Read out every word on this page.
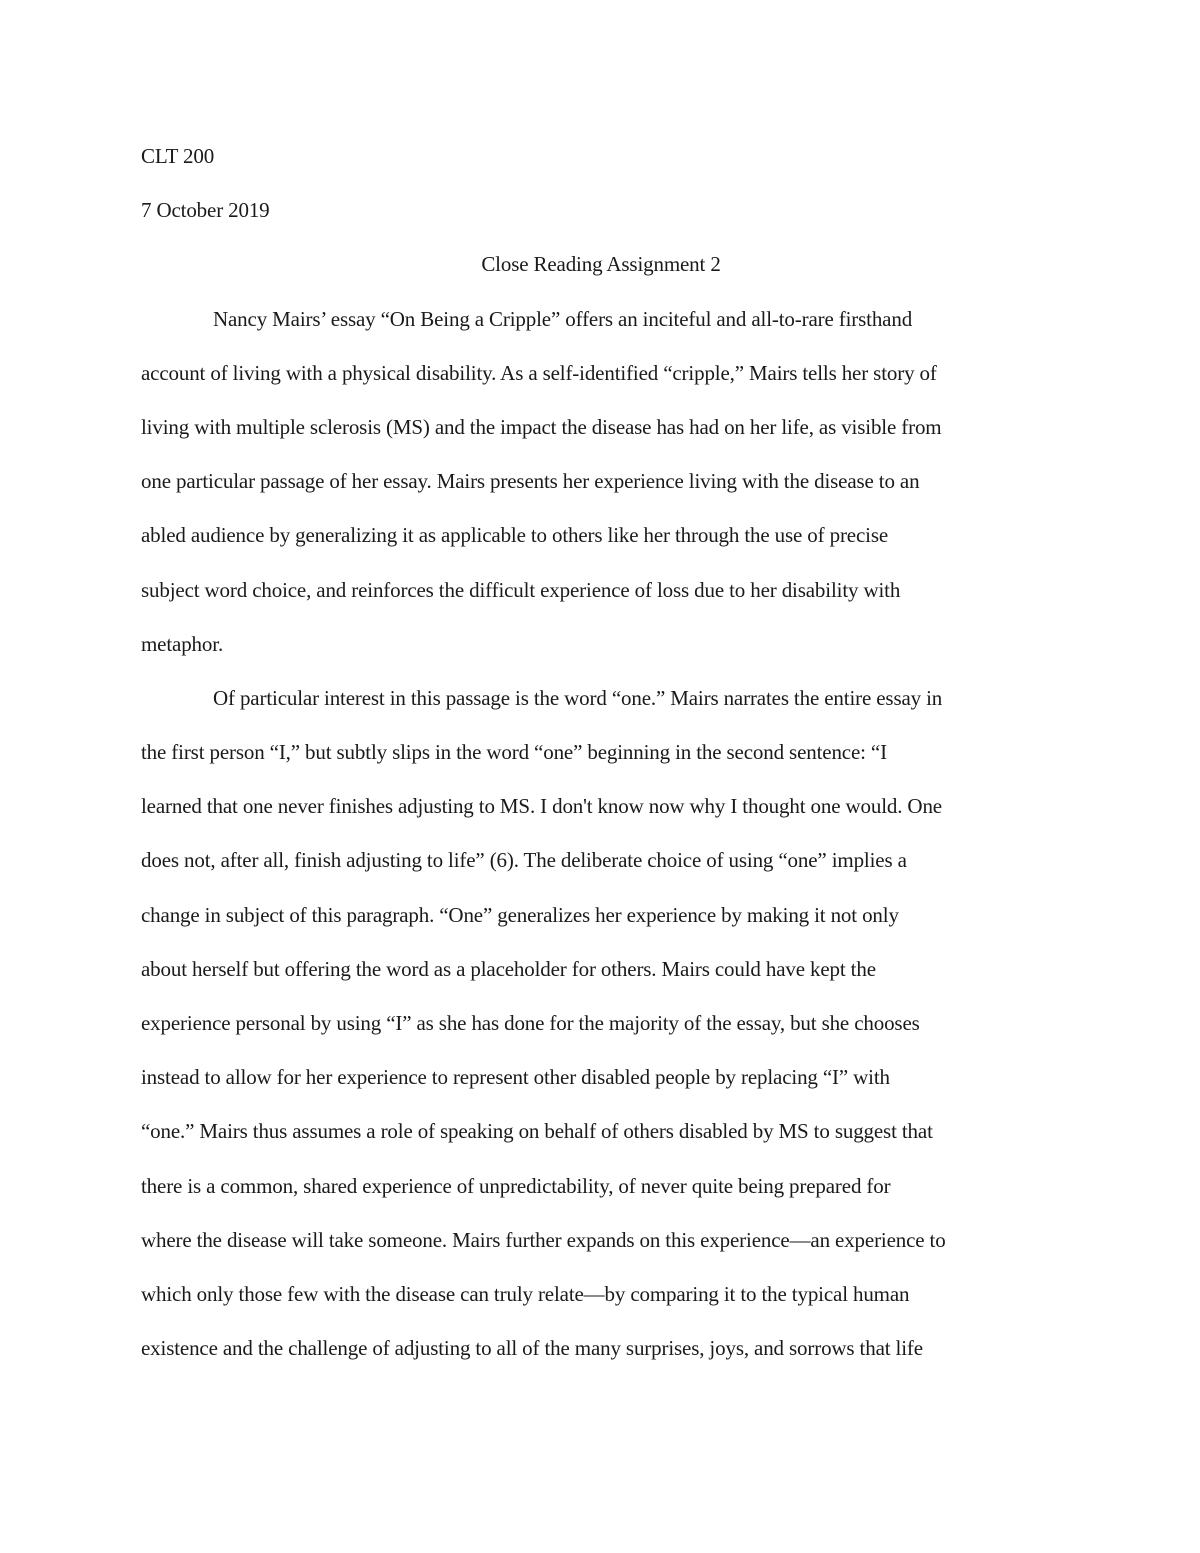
CLT 200
7 October 2019
Close Reading Assignment 2
Nancy Mairs’ essay “On Being a Cripple” offers an inciteful and all-to-rare firsthand
account of living with a physical disability. As a self-identified “cripple,” Mairs tells her story of
living with multiple sclerosis (MS) and the impact the disease has had on her life, as visible from
one particular passage of her essay. Mairs presents her experience living with the disease to an
abled audience by generalizing it as applicable to others like her through the use of precise
subject word choice, and reinforces the difficult experience of loss due to her disability with
metaphor.
Of particular interest in this passage is the word “one.” Mairs narrates the entire essay in
the first person “I,” but subtly slips in the word “one” beginning in the second sentence: “I
learned that one never finishes adjusting to MS. I don't know now why I thought one would. One
does not, after all, finish adjusting to life” (6). The deliberate choice of using “one” implies a
change in subject of this paragraph. “One” generalizes her experience by making it not only
about herself but offering the word as a placeholder for others. Mairs could have kept the
experience personal by using “I” as she has done for the majority of the essay, but she chooses
instead to allow for her experience to represent other disabled people by replacing “I” with
“one.” Mairs thus assumes a role of speaking on behalf of others disabled by MS to suggest that
there is a common, shared experience of unpredictability, of never quite being prepared for
where the disease will take someone. Mairs further expands on this experience—an experience to
which only those few with the disease can truly relate—by comparing it to the typical human
existence and the challenge of adjusting to all of the many surprises, joys, and sorrows that life
